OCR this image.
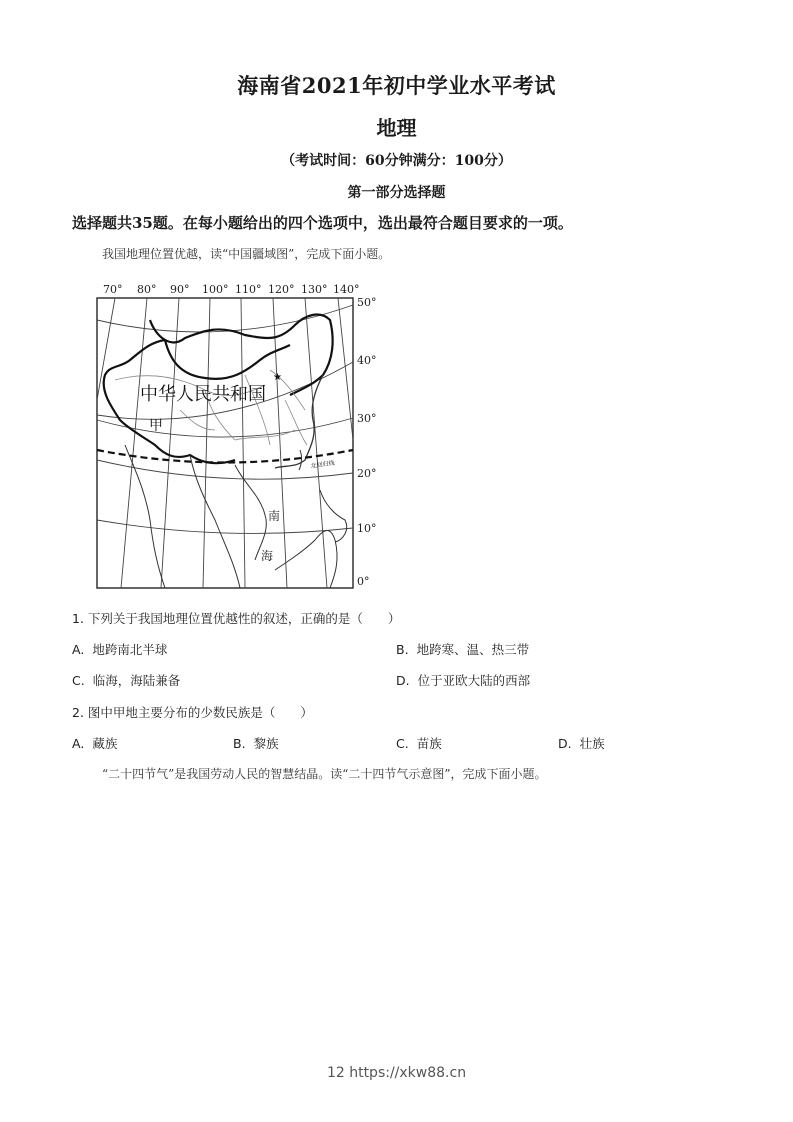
海南省2021年初中学业水平考试
地理
（考试时间：60分钟满分：100分）
第一部分选择题
选择题共35题。在每小题给出的四个选项中，选出最符合题目要求的一项。
我国地理位置优越，读“中国疆域图”，完成下面小题。
70° 80° 90° 100° 110° 120° 130° 140°
50°
40°
30°
20°
10°
0°
★
中华人民共和国
甲
南
海
北回归线
1. 下列关于我国地理位置优越性的叙述，正确的是（　　）
A. 地跨南北半球	B. 地跨寒、温、热三带
C. 临海，海陆兼备	D. 位于亚欧大陆的西部
2. 图中甲地主要分布的少数民族是（　　）
A. 藏族	B. 黎族	C. 苗族	D. 壮族
“二十四节气”是我国劳动人民的智慧结晶。读“二十四节气示意图”，完成下面小题。
12 https://xkw88.cn
